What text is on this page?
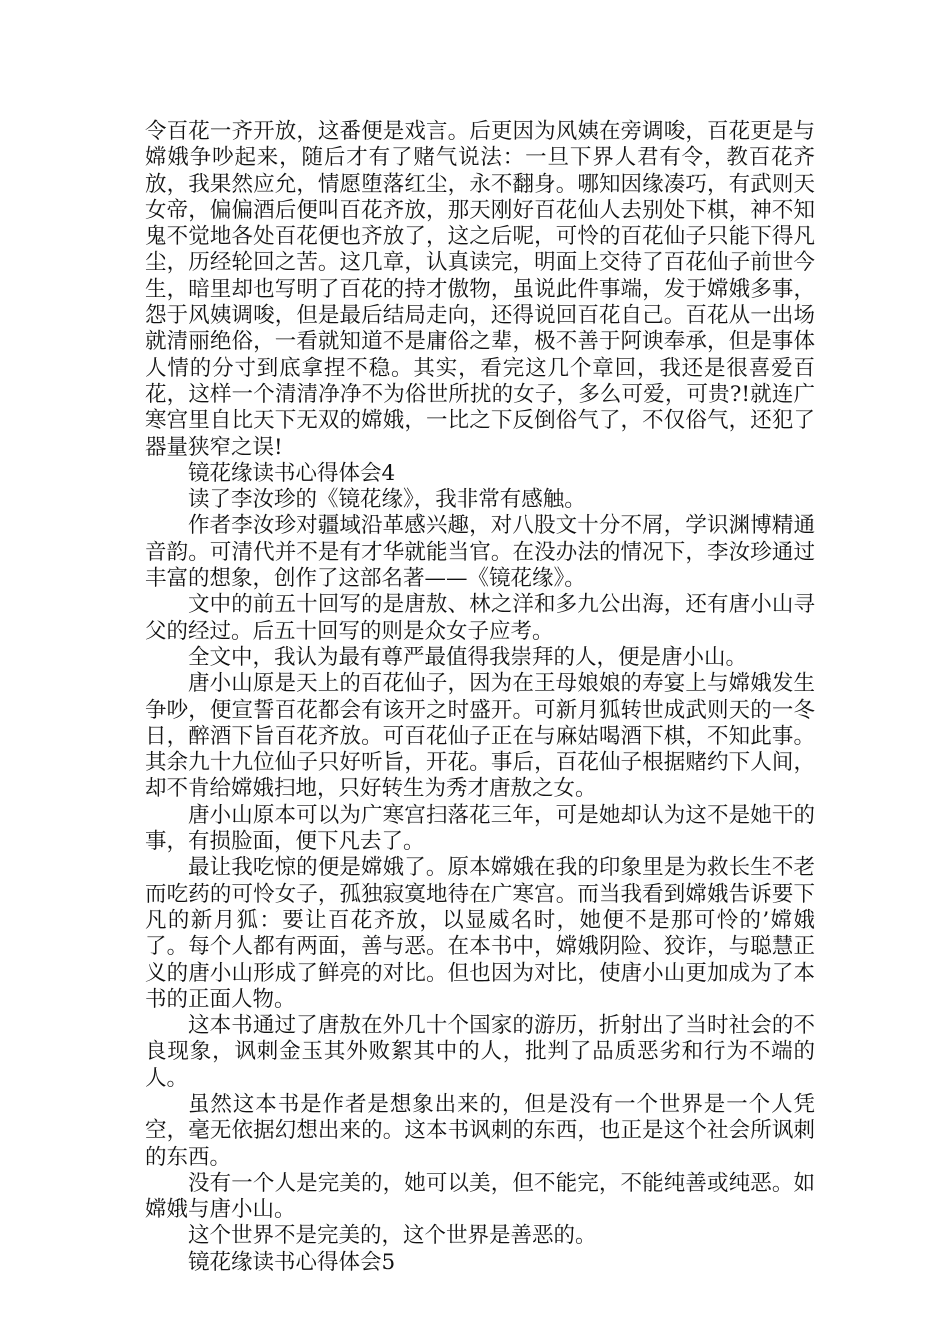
令百花一齐开放，这番便是戏言。后更因为风姨在旁调唆，百花更是与嫦娥争吵起来，随后才有了赌气说法：一旦下界人君有令，教百花齐放，我果然应允，情愿堕落红尘，永不翻身。哪知因缘凑巧，有武则天女帝，偏偏酒后便叫百花齐放，那天刚好百花仙人去别处下棋，神不知鬼不觉地各处百花便也齐放了，这之后呢，可怜的百花仙子只能下得凡尘，历经轮回之苦。这几章，认真读完，明面上交待了百花仙子前世今生，暗里却也写明了百花的持才傲物，虽说此件事端，发于嫦娥多事，怨于风姨调唆，但是最后结局走向，还得说回百花自己。百花从一出场就清丽绝俗，一看就知道不是庸俗之辈，极不善于阿谀奉承，但是事体人情的分寸到底拿捏不稳。其实，看完这几个章回，我还是很喜爱百花，这样一个清清净净不为俗世所扰的女子，多么可爱，可贵?!就连广寒宫里自比天下无双的嫦娥，一比之下反倒俗气了，不仅俗气，还犯了器量狭窄之误!

镜花缘读书心得体会4

读了李汝珍的《镜花缘》，我非常有感触。

作者李汝珍对疆域沿革感兴趣，对八股文十分不屑，学识渊博精通音韵。可清代并不是有才华就能当官。在没办法的情况下，李汝珍通过丰富的想象，创作了这部名著——《镜花缘》。

文中的前五十回写的是唐敖、林之洋和多九公出海，还有唐小山寻父的经过。后五十回写的则是众女子应考。

全文中，我认为最有尊严最值得我崇拜的人，便是唐小山。

唐小山原是天上的百花仙子，因为在王母娘娘的寿宴上与嫦娥发生争吵，便宣誓百花都会有该开之时盛开。可新月狐转世成武则天的一冬日，醉酒下旨百花齐放。可百花仙子正在与麻姑喝酒下棋，不知此事。其余九十九位仙子只好听旨，开花。事后，百花仙子根据赌约下人间，却不肯给嫦娥扫地，只好转生为秀才唐敖之女。

唐小山原本可以为广寒宫扫落花三年，可是她却认为这不是她干的事，有损脸面，便下凡去了。

最让我吃惊的便是嫦娥了。原本嫦娥在我的印象里是为救长生不老而吃药的可怜女子，孤独寂寞地待在广寒宫。而当我看到嫦娥告诉要下凡的新月狐：要让百花齐放，以显威名时，她便不是那可怜的’嫦娥了。每个人都有两面，善与恶。在本书中，嫦娥阴险、狡诈，与聪慧正义的唐小山形成了鲜亮的对比。但也因为对比，使唐小山更加成为了本书的正面人物。

这本书通过了唐敖在外几十个国家的游历，折射出了当时社会的不良现象，讽刺金玉其外败絮其中的人，批判了品质恶劣和行为不端的人。

虽然这本书是作者是想象出来的，但是没有一个世界是一个人凭空，毫无依据幻想出来的。这本书讽刺的东西，也正是这个社会所讽刺的东西。

没有一个人是完美的，她可以美，但不能完，不能纯善或纯恶。如嫦娥与唐小山。

这个世界不是完美的，这个世界是善恶的。

镜花缘读书心得体会5
